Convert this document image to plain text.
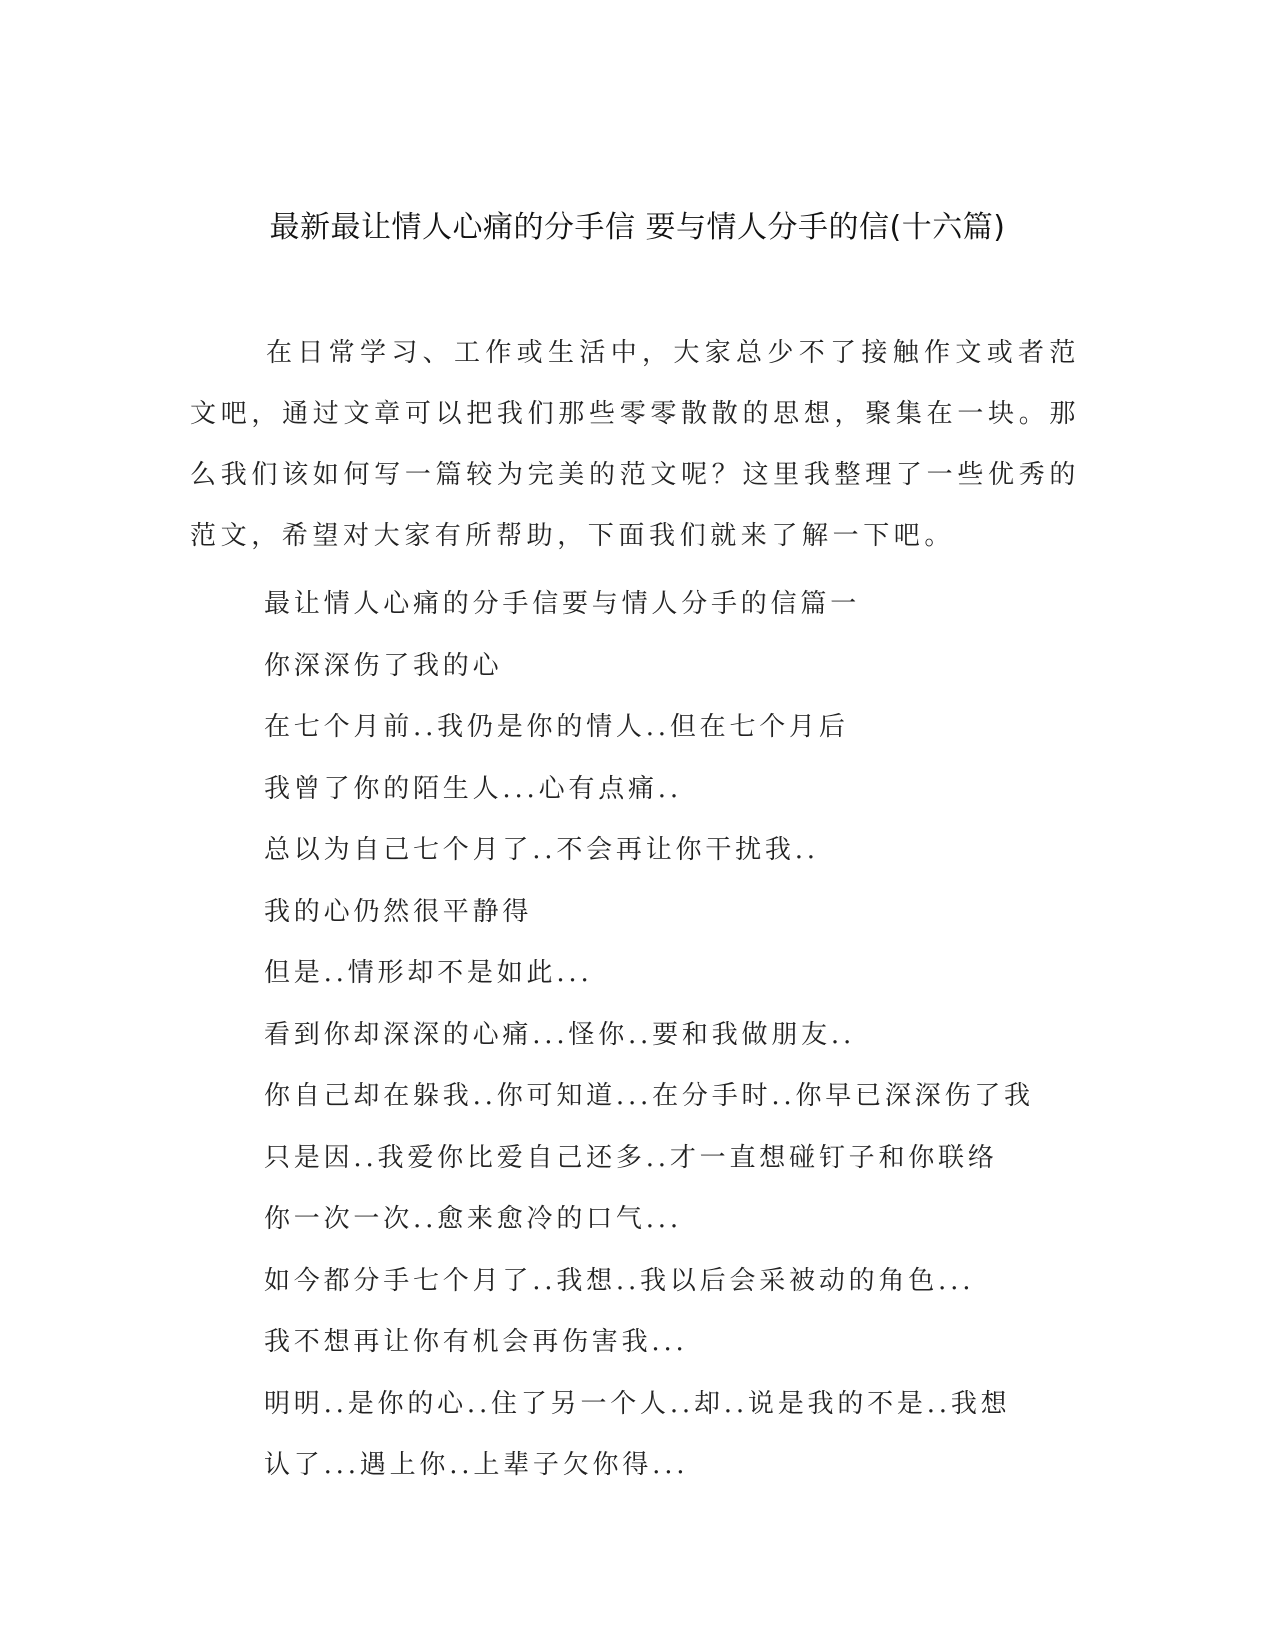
最新最让情人心痛的分手信 要与情人分手的信(十六篇)

在日常学习、工作或生活中，大家总少不了接触作文或者范文吧，通过文章可以把我们那些零零散散的思想，聚集在一块。那么我们该如何写一篇较为完美的范文呢？这里我整理了一些优秀的范文，希望对大家有所帮助，下面我们就来了解一下吧。

最让情人心痛的分手信要与情人分手的信篇一
你深深伤了我的心
在七个月前..我仍是你的情人..但在七个月后
我曾了你的陌生人...心有点痛..
总以为自己七个月了..不会再让你干扰我..
我的心仍然很平静得
但是..情形却不是如此...
看到你却深深的心痛...怪你..要和我做朋友..
你自己却在躲我..你可知道...在分手时..你早已深深伤了我
只是因..我爱你比爱自己还多..才一直想碰钉子和你联络
你一次一次..愈来愈冷的口气...
如今都分手七个月了..我想..我以后会采被动的角色...
我不想再让你有机会再伤害我...
明明..是你的心..住了另一个人..却..说是我的不是..我想
认了...遇上你..上辈子欠你得...
